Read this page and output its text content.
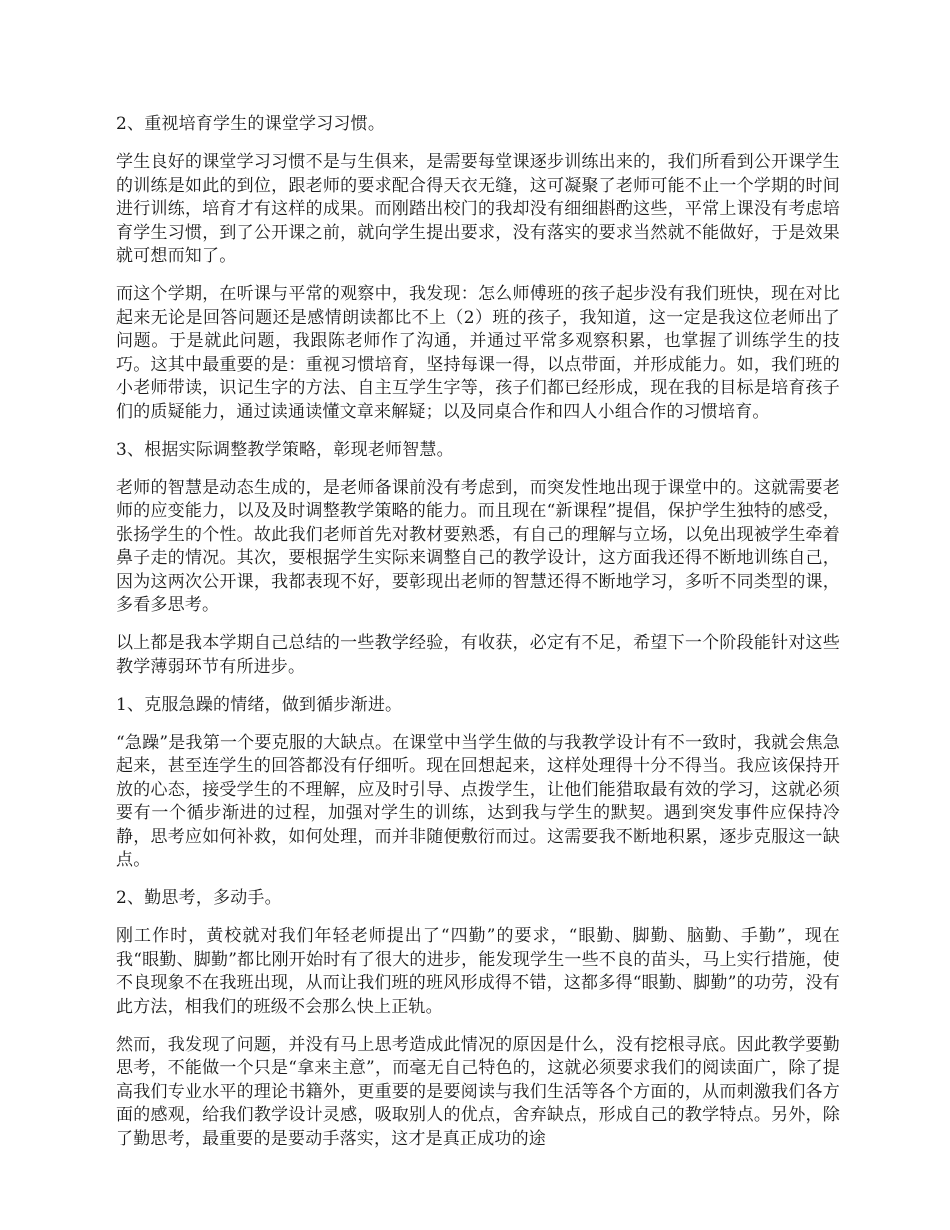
2、重视培育学生的课堂学习习惯。

学生良好的课堂学习习惯不是与生俱来，是需要每堂课逐步训练出来的，我们所看到公开课学生的训练是如此的到位，跟老师的要求配合得天衣无缝，这可凝聚了老师可能不止一个学期的时间进行训练，培育才有这样的成果。而刚踏出校门的我却没有细细斟酌这些，平常上课没有考虑培育学生习惯，到了公开课之前，就向学生提出要求，没有落实的要求当然就不能做好，于是效果就可想而知了。

而这个学期，在听课与平常的观察中，我发现：怎么师傅班的孩子起步没有我们班快，现在对比起来无论是回答问题还是感情朗读都比不上（2）班的孩子，我知道，这一定是我这位老师出了问题。于是就此问题，我跟陈老师作了沟通，并通过平常多观察积累，也掌握了训练学生的技巧。这其中最重要的是：重视习惯培育，坚持每课一得，以点带面，并形成能力。如，我们班的小老师带读，识记生字的方法、自主互学生字等，孩子们都已经形成，现在我的目标是培育孩子们的质疑能力，通过读通读懂文章来解疑；以及同桌合作和四人小组合作的习惯培育。

3、根据实际调整教学策略，彰现老师智慧。

老师的智慧是动态生成的，是老师备课前没有考虑到，而突发性地出现于课堂中的。这就需要老师的应变能力，以及及时调整教学策略的能力。而且现在“新课程”提倡，保护学生独特的感受，张扬学生的个性。故此我们老师首先对教材要熟悉，有自己的理解与立场，以免出现被学生牵着鼻子走的情况。其次，要根据学生实际来调整自己的教学设计，这方面我还得不断地训练自己，因为这两次公开课，我都表现不好，要彰现出老师的智慧还得不断地学习，多听不同类型的课，多看多思考。

以上都是我本学期自己总结的一些教学经验，有收获，必定有不足，希望下一个阶段能针对这些教学薄弱环节有所进步。

1、克服急躁的情绪，做到循步渐进。

“急躁”是我第一个要克服的大缺点。在课堂中当学生做的与我教学设计有不一致时，我就会焦急起来，甚至连学生的回答都没有仔细听。现在回想起来，这样处理得十分不得当。我应该保持开放的心态，接受学生的不理解，应及时引导、点拨学生，让他们能猎取最有效的学习，这就必须要有一个循步渐进的过程，加强对学生的训练，达到我与学生的默契。遇到突发事件应保持冷静，思考应如何补救，如何处理，而并非随便敷衍而过。这需要我不断地积累，逐步克服这一缺点。

2、勤思考，多动手。

刚工作时，黄校就对我们年轻老师提出了“四勤”的要求，“眼勤、脚勤、脑勤、手勤”，现在我“眼勤、脚勤”都比刚开始时有了很大的进步，能发现学生一些不良的苗头，马上实行措施，使不良现象不在我班出现，从而让我们班的班风形成得不错，这都多得“眼勤、脚勤”的功劳，没有此方法，相我们的班级不会那么快上正轨。

然而，我发现了问题，并没有马上思考造成此情况的原因是什么，没有挖根寻底。因此教学要勤思考，不能做一个只是“拿来主意”，而毫无自己特色的，这就必须要求我们的阅读面广，除了提高我们专业水平的理论书籍外，更重要的是要阅读与我们生活等各个方面的，从而刺激我们各方面的感观，给我们教学设计灵感，吸取别人的优点，舍弃缺点，形成自己的教学特点。另外，除了勤思考，最重要的是要动手落实，这才是真正成功的途
